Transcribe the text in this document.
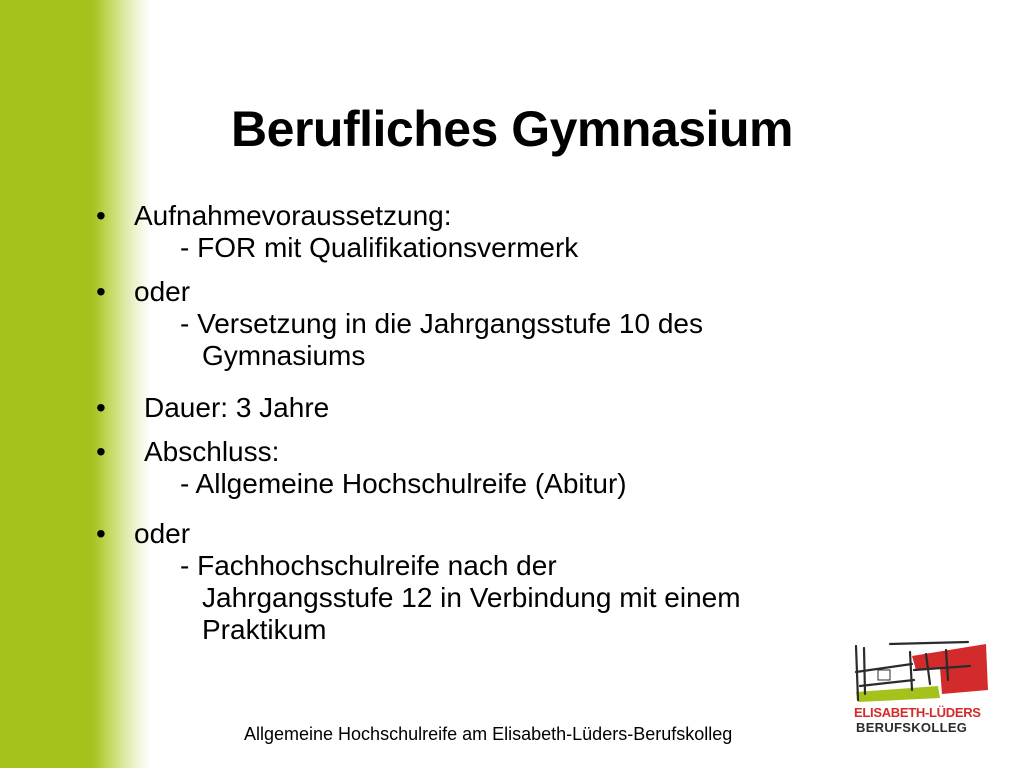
Berufliches Gymnasium
• Aufnahmevoraussetzung:
- FOR mit Qualifikationsvermerk
• oder
- Versetzung in die Jahrgangsstufe 10 des
Gymnasiums
•	Dauer: 3 Jahre
•	Abschluss:
- Allgemeine Hochschulreife (Abitur)
• oder
- Fachhochschulreife nach der
Jahrgangsstufe 12 in Verbindung mit einem
Praktikum
Allgemeine Hochschulreife am Elisabeth-Lüders-Berufskolleg
ELISABETH-LÜDERS
BERUFSKOLLEG
